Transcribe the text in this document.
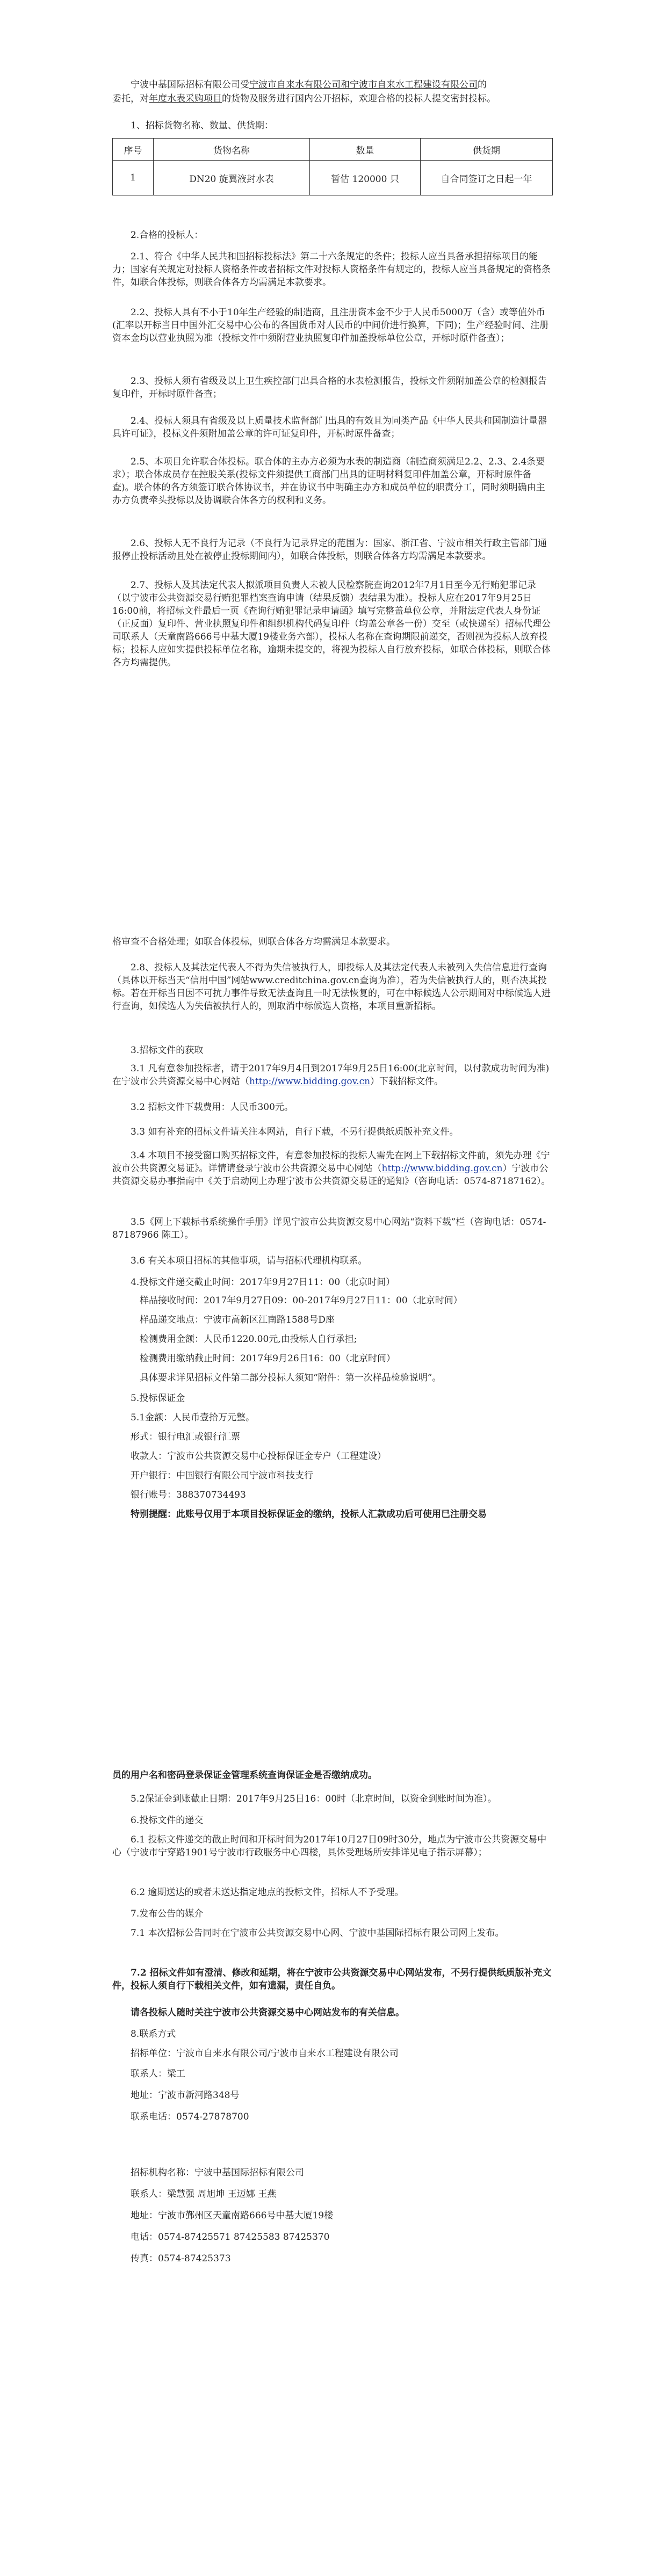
宁波中基国际招标有限公司受宁波市自来水有限公司和宁波市自来水工程建设有限公司的

委托，对年度水表采购项目的货物及服务进行国内公开招标，欢迎合格的投标人提交密封投标。

1、招标货物名称、数量、供货期：

序号	货物名称	数量	供货期
1	DN20 旋翼液封水表	暂估 120000 只	自合同签订之日起一年

2.合格的投标人：

2.1、符合《中华人民共和国招标投标法》第二十六条规定的条件；投标人应当具备承担招标项目的能力；国家有关规定对投标人资格条件或者招标文件对投标人资格条件有规定的，投标人应当具备规定的资格条件，如联合体投标，则联合体各方均需满足本款要求。

2.2、投标人具有不小于10年生产经验的制造商，且注册资本金不少于人民币5000万（含）或等值外币(汇率以开标当日中国外汇交易中心公布的各国货币对人民币的中间价进行换算，下同)；生产经验时间、注册资本金均以营业执照为准（投标文件中须附营业执照复印件加盖投标单位公章，开标时原件备查）；

2.3、投标人须有省级及以上卫生疾控部门出具合格的水表检测报告，投标文件须附加盖公章的检测报告复印件，开标时原件备查；

2.4、投标人须具有省级及以上质量技术监督部门出具的有效且为同类产品《中华人民共和国制造计量器具许可证》，投标文件须附加盖公章的许可证复印件，开标时原件备查；

2.5、本项目允许联合体投标。联合体的主办方必须为水表的制造商（制造商须满足2.2、2.3、2.4条要求）；联合体成员存在控股关系(投标文件须提供工商部门出具的证明材料复印件加盖公章，开标时原件备查)。联合体的各方须签订联合体协议书，并在协议书中明确主办方和成员单位的职责分工，同时须明确由主办方负责牵头投标以及协调联合体各方的权利和义务。

2.6、投标人无不良行为记录（不良行为记录界定的范围为：国家、浙江省、宁波市相关行政主管部门通报停止投标活动且处在被停止投标期间内），如联合体投标，则联合体各方均需满足本款要求。

2.7、投标人及其法定代表人拟派项目负责人未被人民检察院查询2012年7月1日至今无行贿犯罪记录（以宁波市公共资源交易行贿犯罪档案查询申请（结果反馈）表结果为准）。投标人应在2017年9月25日16:00前，将招标文件最后一页《查询行贿犯罪记录申请函》填写完整盖单位公章，并附法定代表人身份证（正反面）复印件、营业执照复印件和组织机构代码复印件（均盖公章各一份）交至（或快递至）招标代理公司联系人（天童南路666号中基大厦19楼业务六部），投标人名称在查询期限前递交，否则视为投标人放弃投标；投标人应如实提供投标单位名称，逾期未提交的，将视为投标人自行放弃投标，如联合体投标，则联合体各方均需提供。

格审查不合格处理；如联合体投标，则联合体各方均需满足本款要求。

2.8、投标人及其法定代表人不得为失信被执行人，即投标人及其法定代表人未被列入失信信息进行查询（具体以开标当天“信用中国”网站www.creditchina.gov.cn查询为准），若为失信被执行人的，则否决其投标。若在开标当日因不可抗力事件导致无法查询且一时无法恢复的，可在中标候选人公示期间对中标候选人进行查询，如候选人为失信被执行人的，则取消中标候选人资格，本项目重新招标。

3.招标文件的获取

3.1 凡有意参加投标者，请于2017年9月4日到2017年9月25日16:00(北京时间，以付款成功时间为准)在宁波市公共资源交易中心网站（http://www.bidding.gov.cn）下载招标文件。

3.2 招标文件下载费用：人民币300元。

3.3 如有补充的招标文件请关注本网站，自行下载，不另行提供纸质版补充文件。

3.4 本项目不接受窗口购买招标文件，有意参加投标的投标人需先在网上下载招标文件前，须先办理《宁波市公共资源交易证》。详情请登录宁波市公共资源交易中心网站（http://www.bidding.gov.cn）宁波市公共资源交易办事指南中《关于启动网上办理宁波市公共资源交易证的通知》（咨询电话：0574-87187162）。

3.5《网上下载标书系统操作手册》详见宁波市公共资源交易中心网站“资料下载”栏（咨询电话：0574-87187966 陈工）。

3.6 有关本项目招标的其他事项，请与招标代理机构联系。

4.投标文件递交截止时间：2017年9月27日11：00（北京时间）

样品接收时间：2017年9月27日09：00-2017年9月27日11：00（北京时间）

样品递交地点：宁波市高新区江南路1588号D座

检测费用金额：人民币1220.00元,由投标人自行承担;

检测费用缴纳截止时间：2017年9月26日16：00（北京时间）

具体要求详见招标文件第二部分投标人须知“附件：第一次样品检验说明”。

5.投标保证金

5.1金额：人民币壹拾万元整。

形式：银行电汇或银行汇票

收款人：宁波市公共资源交易中心投标保证金专户（工程建设）

开户银行：中国银行有限公司宁波市科技支行

银行账号：388370734493

特别提醒：此账号仅用于本项目投标保证金的缴纳，投标人汇款成功后可使用已注册交易

员的用户名和密码登录保证金管理系统查询保证金是否缴纳成功。

5.2保证金到账截止日期：2017年9月25日16：00时（北京时间，以资金到账时间为准）。

6.投标文件的递交

6.1 投标文件递交的截止时间和开标时间为2017年10月27日09时30分，地点为宁波市公共资源交易中心（宁波市宁穿路1901号宁波市行政服务中心四楼，具体受理场所安排详见电子指示屏幕）；

6.2 逾期送达的或者未送达指定地点的投标文件，招标人不予受理。

7.发布公告的媒介

7.1 本次招标公告同时在宁波市公共资源交易中心网、宁波中基国际招标有限公司网上发布。

7.2 招标文件如有澄清、修改和延期，将在宁波市公共资源交易中心网站发布，不另行提供纸质版补充文件，投标人须自行下载相关文件，如有遗漏，责任自负。

请各投标人随时关注宁波市公共资源交易中心网站发布的有关信息。

8.联系方式

招标单位：宁波市自来水有限公司/宁波市自来水工程建设有限公司

联系人：梁工

地址：宁波市新河路348号

联系电话：0574-27878700

招标机构名称：宁波中基国际招标有限公司

联系人：梁慧强 周旭坤 王迈娜 王燕

地址：宁波市鄞州区天童南路666号中基大厦19楼

电话：0574-87425571 87425583 87425370

传真：0574-87425373
